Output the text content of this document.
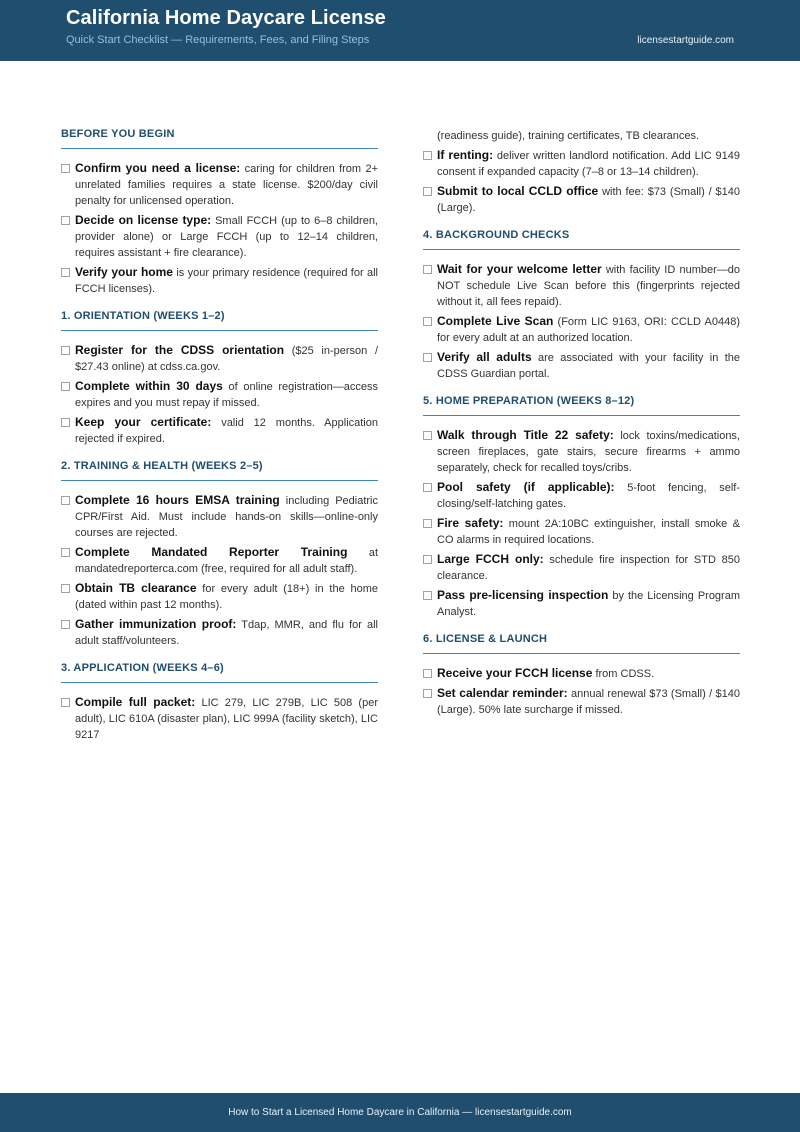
California Home Daycare License
Quick Start Checklist — Requirements, Fees, and Filing Steps	licensestartguide.com
BEFORE YOU BEGIN
Confirm you need a license: caring for children from 2+ unrelated families requires a state license. $200/day civil penalty for unlicensed operation.
Decide on license type: Small FCCH (up to 6–8 children, provider alone) or Large FCCH (up to 12–14 children, requires assistant + fire clearance).
Verify your home is your primary residence (required for all FCCH licenses).
1. ORIENTATION (WEEKS 1–2)
Register for the CDSS orientation ($25 in-person / $27.43 online) at cdss.ca.gov.
Complete within 30 days of online registration—access expires and you must repay if missed.
Keep your certificate: valid 12 months. Application rejected if expired.
2. TRAINING & HEALTH (WEEKS 2–5)
Complete 16 hours EMSA training including Pediatric CPR/First Aid. Must include hands-on skills—online-only courses are rejected.
Complete Mandated Reporter Training at mandatedreporterca.com (free, required for all adult staff).
Obtain TB clearance for every adult (18+) in the home (dated within past 12 months).
Gather immunization proof: Tdap, MMR, and flu for all adult staff/volunteers.
3. APPLICATION (WEEKS 4–6)
Compile full packet: LIC 279, LIC 279B, LIC 508 (per adult), LIC 610A (disaster plan), LIC 999A (facility sketch), LIC 9217
(readiness guide), training certificates, TB clearances.
If renting: deliver written landlord notification. Add LIC 9149 consent if expanded capacity (7–8 or 13–14 children).
Submit to local CCLD office with fee: $73 (Small) / $140 (Large).
4. BACKGROUND CHECKS
Wait for your welcome letter with facility ID number—do NOT schedule Live Scan before this (fingerprints rejected without it, all fees repaid).
Complete Live Scan (Form LIC 9163, ORI: CCLD A0448) for every adult at an authorized location.
Verify all adults are associated with your facility in the CDSS Guardian portal.
5. HOME PREPARATION (WEEKS 8–12)
Walk through Title 22 safety: lock toxins/medications, screen fireplaces, gate stairs, secure firearms + ammo separately, check for recalled toys/cribs.
Pool safety (if applicable): 5-foot fencing, self-closing/self-latching gates.
Fire safety: mount 2A:10BC extinguisher, install smoke & CO alarms in required locations.
Large FCCH only: schedule fire inspection for STD 850 clearance.
Pass pre-licensing inspection by the Licensing Program Analyst.
6. LICENSE & LAUNCH
Receive your FCCH license from CDSS.
Set calendar reminder: annual renewal $73 (Small) / $140 (Large). 50% late surcharge if missed.
How to Start a Licensed Home Daycare in California — licensestartguide.com
